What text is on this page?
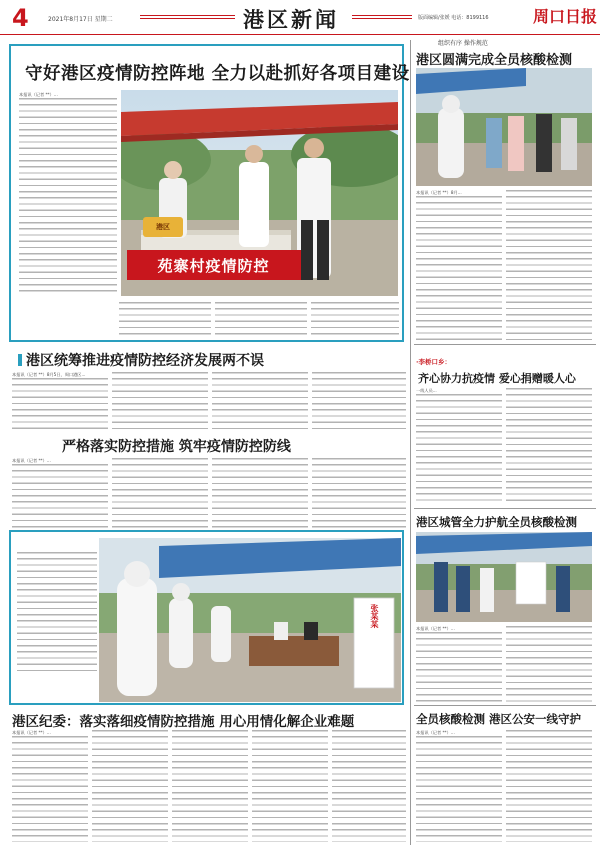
4	2021年8月17日 星期二	港区新闻	版面编辑/张媛 电话：8199116	周口日报
守好港区疫情防控阵地 全力以赴抓好各项目建设
本报讯（记者 **）...
苑寨村疫情防控
港区
港区统筹推进疫情防控经济发展两不误
本报讯（记者 **）8月5日，周口港区...
严格落实防控措施 筑牢疫情防控防线
本报讯（记者 **）...
张某某
港区纪委：落实落细疫情防控措施 用心用情化解企业难题
本报讯（记者 **）...
组织有序 操作规范
港区圆满完成全员核酸检测
本报讯（记者 **）8月...
·李桥口乡：
齐心协力抗疫情 爱心捐赠暖人心
一线人员...
港区城管全力护航全员核酸检测
本报讯（记者 **）...
全员核酸检测 港区公安一线守护
本报讯（记者 **）...
